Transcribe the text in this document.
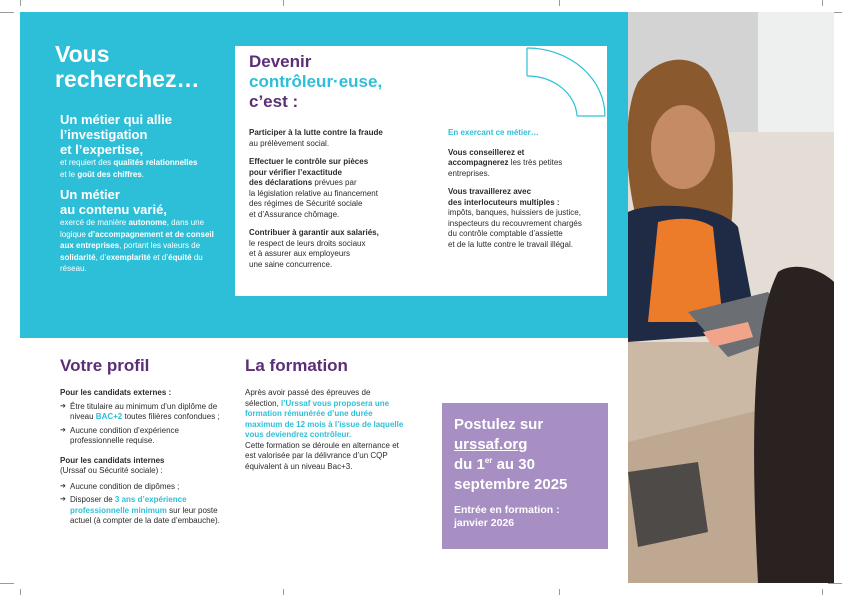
Vous
recherchez…
Un métier qui allie
l’investigation
et l’expertise,

et requiert des qualités relationnelles
et le goût des chiffres.

Un métier
au contenu varié,

exercé de manière autonome, dans une logique d’accompagnement et de conseil aux entreprises, portant les valeurs de solidarité, d’exemplarité et d’équité du réseau.

Devenir
contrôleur·euse,
c’est :

Participer à la lutte contre la fraude
au prélèvement social.

Effectuer le contrôle sur pièces
pour vérifier l’exactitude
des déclarations prévues par
la législation relative au financement
des régimes de Sécurité sociale
et d’Assurance chômage.

Contribuer à garantir aux salariés,
le respect de leurs droits sociaux
et à assurer aux employeurs
une saine concurrence.

En exercant ce métier…

Vous conseillerez et
accompagnerez les très petites
entreprises.

Vous travaillerez avec
des interlocuteurs multiples :
impôts, banques, huissiers de justice,
inspecteurs du recouvrement chargés
du contrôle comptable d’assiette
et de la lutte contre le travail illégal.

Votre profil

Pour les candidats externes :

➔ Être titulaire au minimum d’un diplôme de niveau BAC+2 toutes filières confondues ;
➔ Aucune condition d’expérience professionnelle requise.

Pour les candidats internes

(Urssaf ou Sécurité sociale) :

➔ Aucune condition de dipômes ;
➔ Disposer de 3 ans d’expérience professionnelle minimum sur leur poste actuel (à compter de la date d’embauche).
La formation
Après avoir passé des épreuves de sélection, l’Urssaf vous proposera une formation rémunérée d’une durée maximum de 12 mois à l’issue de laquelle vous deviendrez contrôleur.
Cette formation se déroule en alternance et est valorisée par la délivrance d’un CQP équivalent à un niveau Bac+3.
Postulez sur
urssaf.org
du 1er au 30
septembre 2025
Entrée en formation :
janvier 2026
